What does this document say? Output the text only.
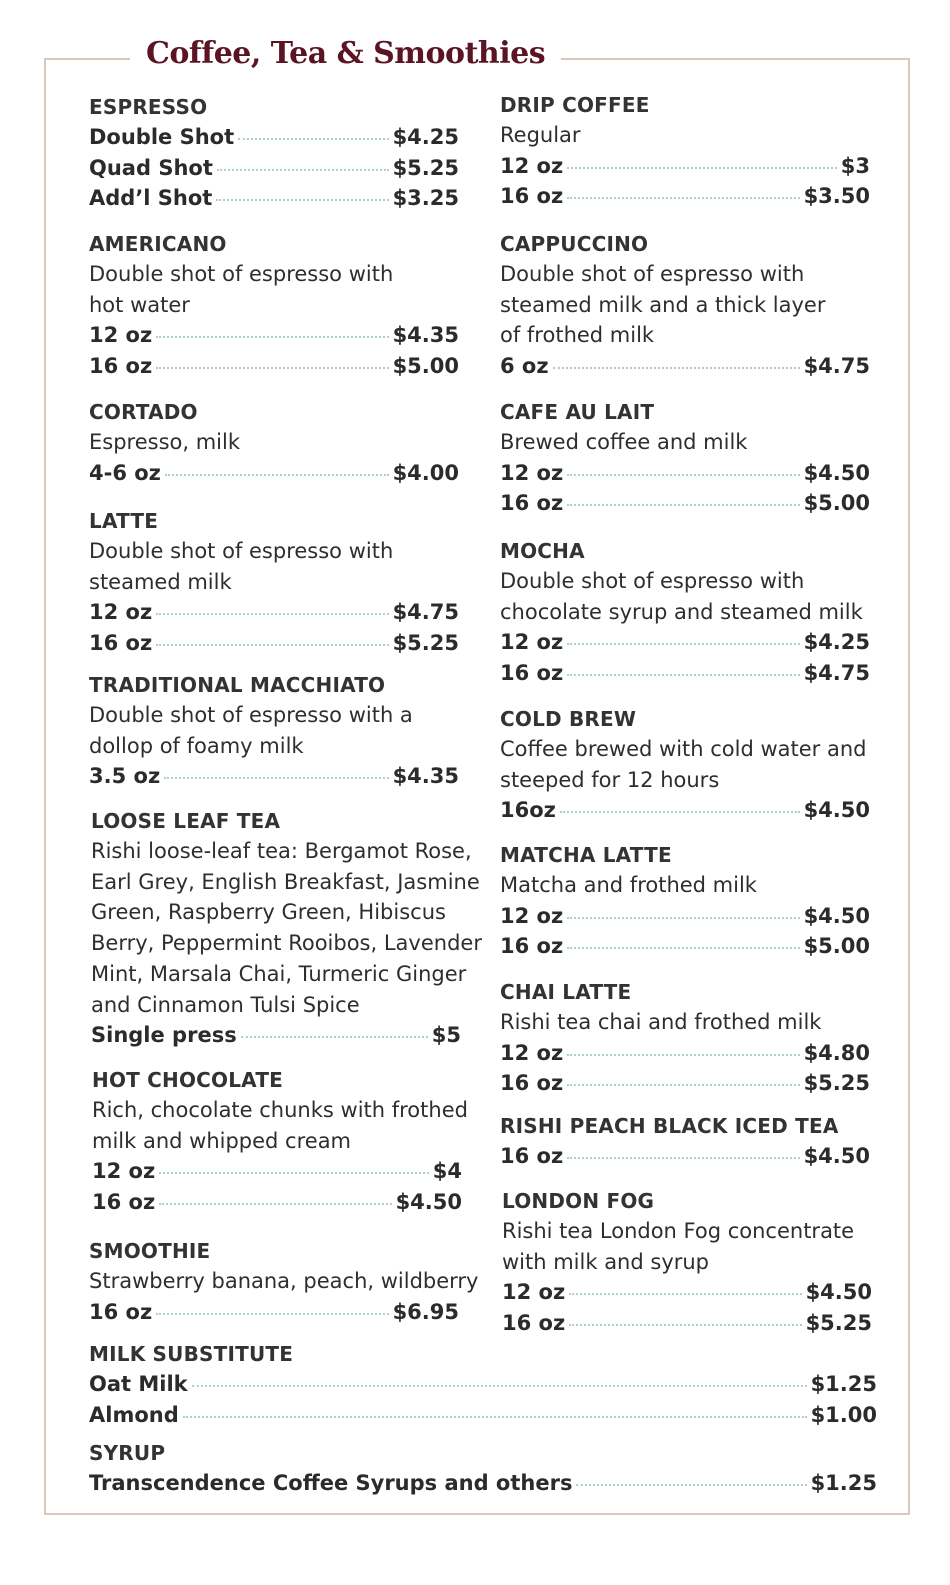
Coffee, Tea & Smoothies
ESPRESSO
Double Shot	$4.25
Quad Shot	$5.25
Add’l Shot	$3.25
AMERICANO
Double shot of espresso with
hot water
12 oz	$4.35
16 oz	$5.00
CORTADO
Espresso, milk
4-6 oz	$4.00
LATTE
Double shot of espresso with
steamed milk
12 oz	$4.75
16 oz	$5.25
TRADITIONAL MACCHIATO
Double shot of espresso with a
dollop of foamy milk
3.5 oz	$4.35
LOOSE LEAF TEA
Rishi loose-leaf tea: Bergamot Rose,
Earl Grey, English Breakfast, Jasmine
Green, Raspberry Green, Hibiscus
Berry, Peppermint Rooibos, Lavender
Mint, Marsala Chai, Turmeric Ginger
and Cinnamon Tulsi Spice
Single press	$5
HOT CHOCOLATE
Rich, chocolate chunks with frothed
milk and whipped cream
12 oz	$4
16 oz	$4.50
SMOOTHIE
Strawberry banana, peach, wildberry
16 oz	$6.95
DRIP COFFEE
Regular
12 oz	$3
16 oz	$3.50
CAPPUCCINO
Double shot of espresso with
steamed milk and a thick layer
of frothed milk
6 oz	$4.75
CAFE AU LAIT
Brewed coffee and milk
12 oz	$4.50
16 oz	$5.00
MOCHA
Double shot of espresso with
chocolate syrup and steamed milk
12 oz	$4.25
16 oz	$4.75
COLD BREW
Coffee brewed with cold water and
steeped for 12 hours
16oz	$4.50
MATCHA LATTE
Matcha and frothed milk
12 oz	$4.50
16 oz	$5.00
CHAI LATTE
Rishi tea chai and frothed milk
12 oz	$4.80
16 oz	$5.25
RISHI PEACH BLACK ICED TEA
16 oz	$4.50
LONDON FOG
Rishi tea London Fog concentrate
with milk and syrup
12 oz	$4.50
16 oz	$5.25
MILK SUBSTITUTE
Oat Milk	$1.25
Almond	$1.00
SYRUP
Transcendence Coffee Syrups and others	$1.25
